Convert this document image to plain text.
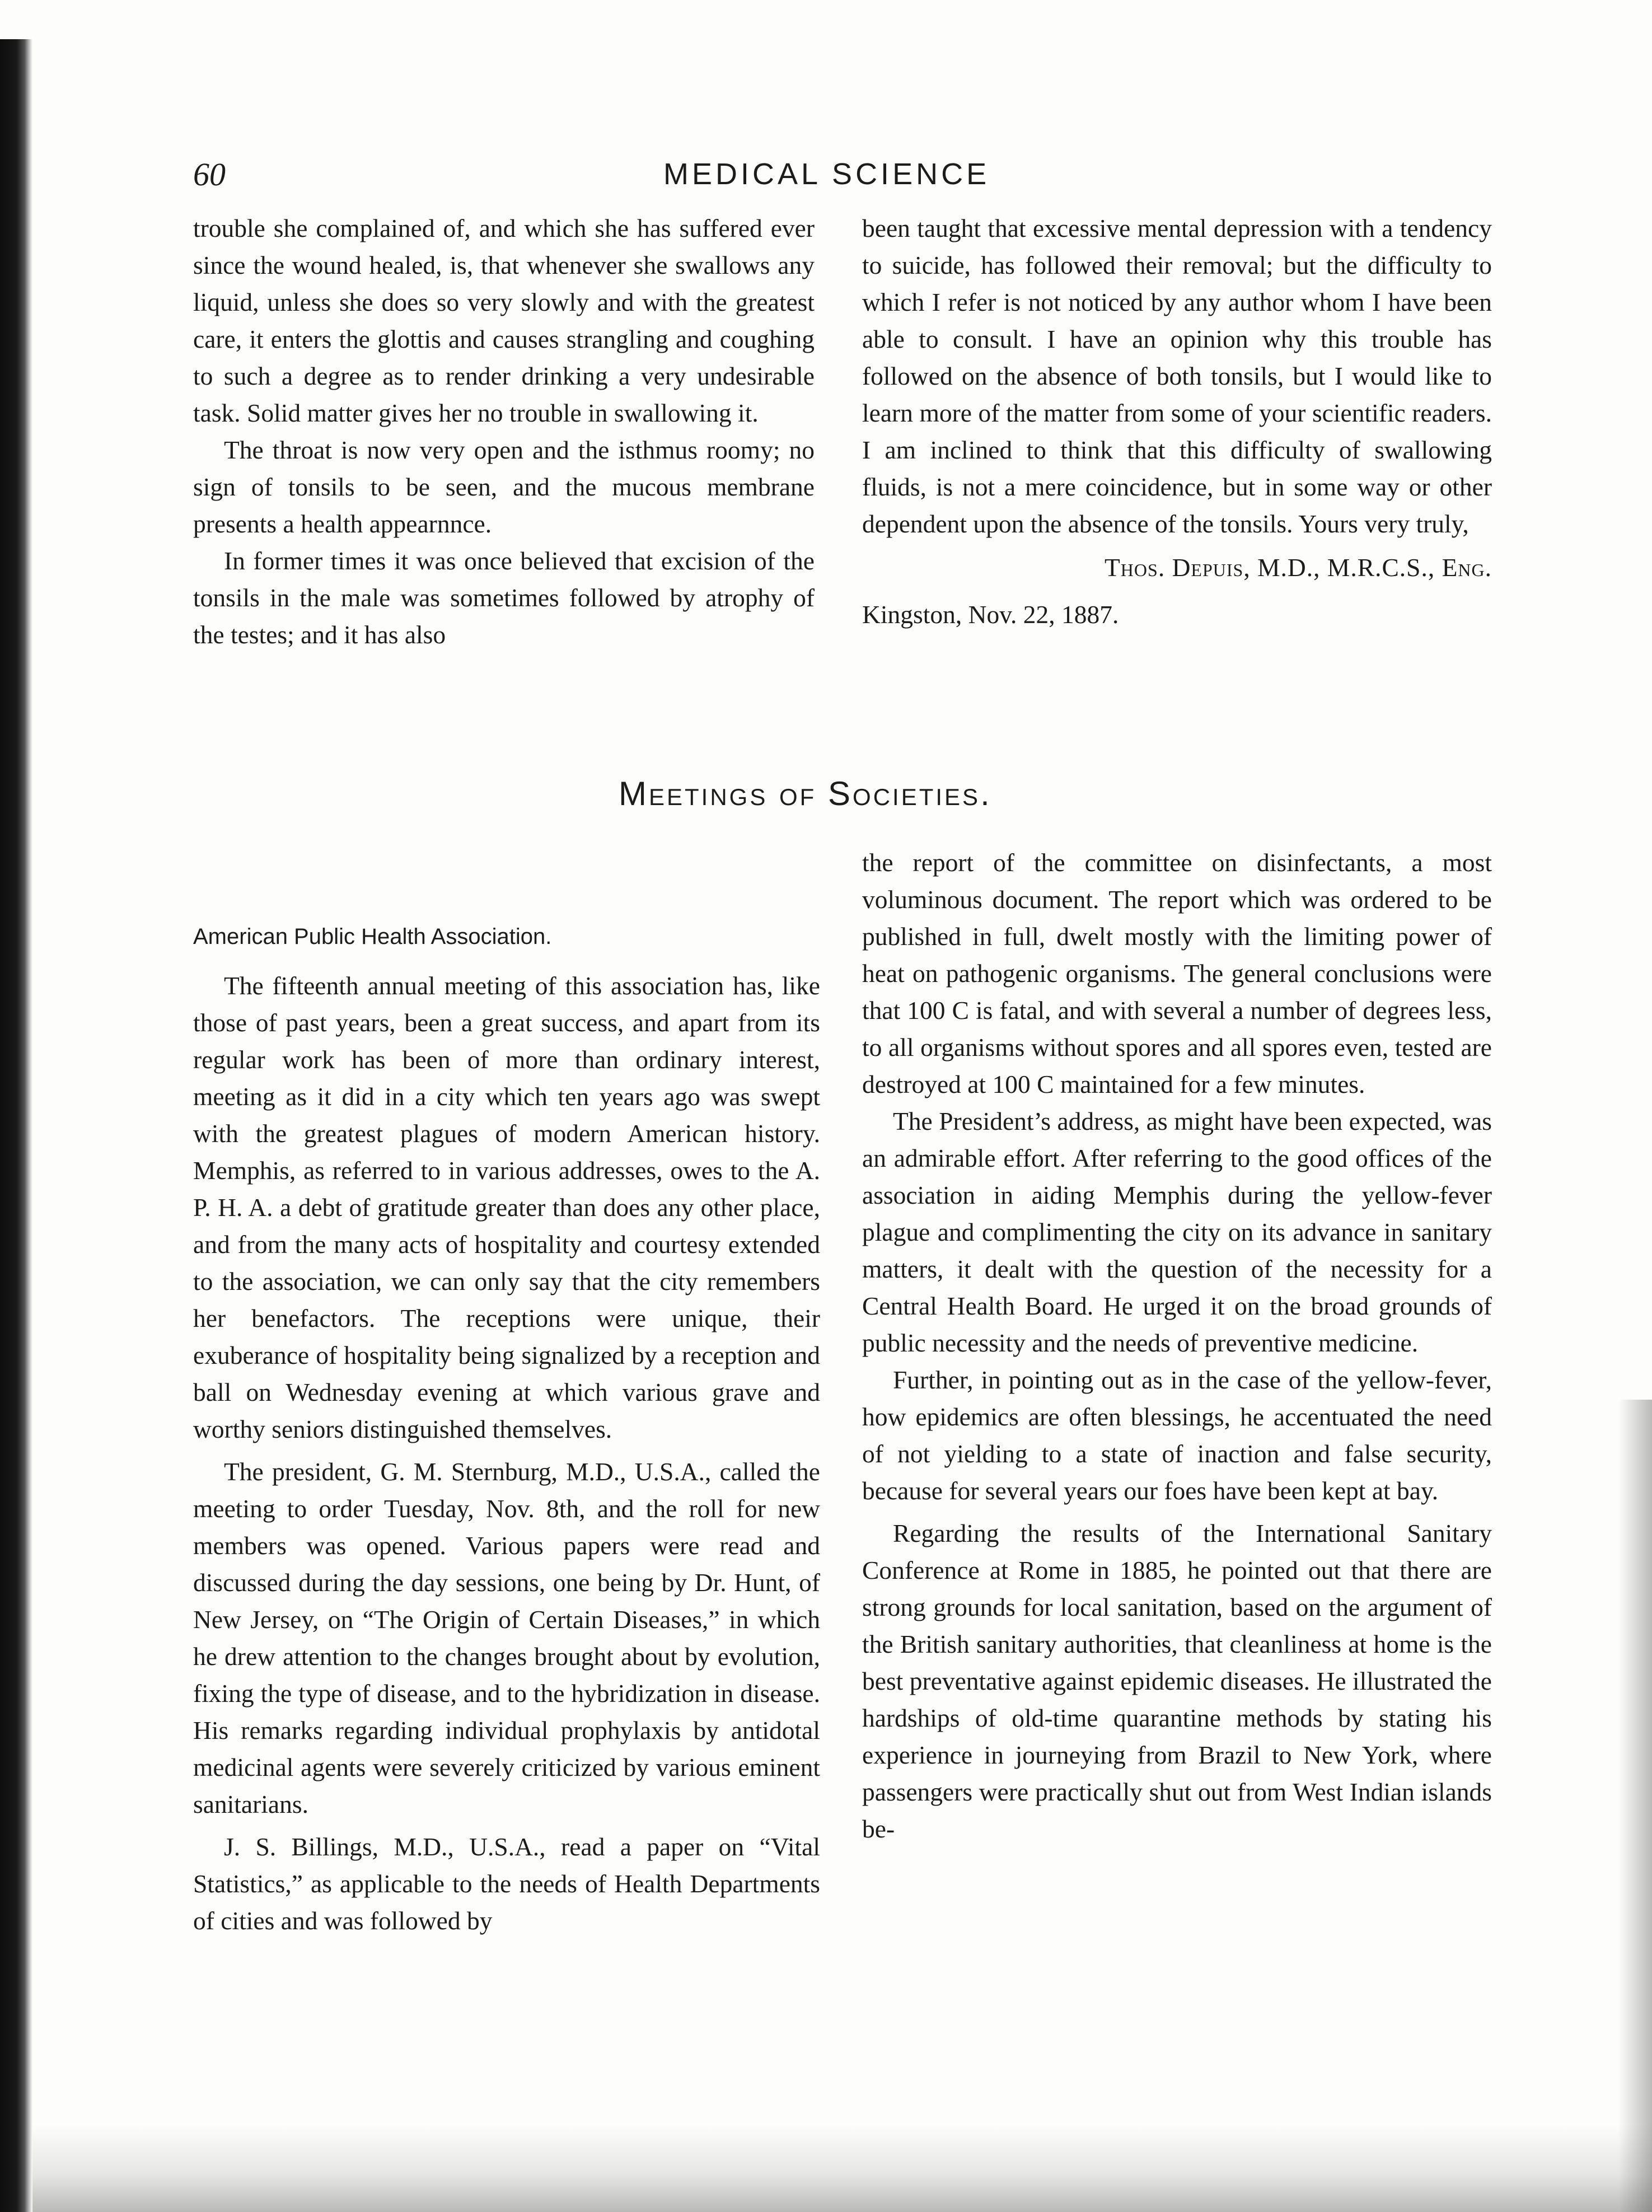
60	MEDICAL SCIENCE

trouble she complained of, and which she has suffered ever since the wound healed, is, that whenever she swallows any liquid, unless she does so very slowly and with the greatest care, it enters the glottis and causes strangling and coughing to such a degree as to render drinking a very undesirable task. Solid matter gives her no trouble in swallowing it.

The throat is now very open and the isthmus roomy; no sign of tonsils to be seen, and the mucous membrane presents a health appearnnce.

In former times it was once believed that excision of the tonsils in the male was sometimes followed by atrophy of the testes; and it has also

been taught that excessive mental depression with a tendency to suicide, has followed their removal; but the difficulty to which I refer is not noticed by any author whom I have been able to consult. I have an opinion why this trouble has followed on the absence of both tonsils, but I would like to learn more of the matter from some of your scientific readers. I am inclined to think that this difficulty of swallowing fluids, is not a mere coincidence, but in some way or other dependent upon the absence of the tonsils. Yours very truly,

Thos. Depuis, M.D., M.R.C.S., Eng.

Kingston, Nov. 22, 1887.

Meetings of Societies.

American Public Health Association.

The fifteenth annual meeting of this association has, like those of past years, been a great success, and apart from its regular work has been of more than ordinary interest, meeting as it did in a city which ten years ago was swept with the greatest plagues of modern American history. Memphis, as referred to in various addresses, owes to the A. P. H. A. a debt of gratitude greater than does any other place, and from the many acts of hospitality and courtesy extended to the association, we can only say that the city remembers her benefactors. The receptions were unique, their exuberance of hospitality being signalized by a reception and ball on Wednesday evening at which various grave and worthy seniors distinguished themselves.

The president, G. M. Sternburg, M.D., U.S.A., called the meeting to order Tuesday, Nov. 8th, and the roll for new members was opened. Various papers were read and discussed during the day sessions, one being by Dr. Hunt, of New Jersey, on “The Origin of Certain Diseases,” in which he drew attention to the changes brought about by evolution, fixing the type of disease, and to the hybridization in disease. His remarks regarding individual prophylaxis by antidotal medicinal agents were severely criticized by various eminent sanitarians.

J. S. Billings, M.D., U.S.A., read a paper on “Vital Statistics,” as applicable to the needs of Health Departments of cities and was followed by

the report of the committee on disinfectants, a most voluminous document. The report which was ordered to be published in full, dwelt mostly with the limiting power of heat on pathogenic organisms. The general conclusions were that 100 C is fatal, and with several a number of degrees less, to all organisms without spores and all spores even, tested are destroyed at 100 C maintained for a few minutes.

The President’s address, as might have been expected, was an admirable effort. After referring to the good offices of the association in aiding Memphis during the yellow-fever plague and complimenting the city on its advance in sanitary matters, it dealt with the question of the necessity for a Central Health Board. He urged it on the broad grounds of public necessity and the needs of preventive medicine.

Further, in pointing out as in the case of the yellow-fever, how epidemics are often blessings, he accentuated the need of not yielding to a state of inaction and false security, because for several years our foes have been kept at bay.

Regarding the results of the International Sanitary Conference at Rome in 1885, he pointed out that there are strong grounds for local sanitation, based on the argument of the British sanitary authorities, that cleanliness at home is the best preventative against epidemic diseases. He illustrated the hardships of old-time quarantine methods by stating his experience in journeying from Brazil to New York, where passengers were practically shut out from West Indian islands be-
